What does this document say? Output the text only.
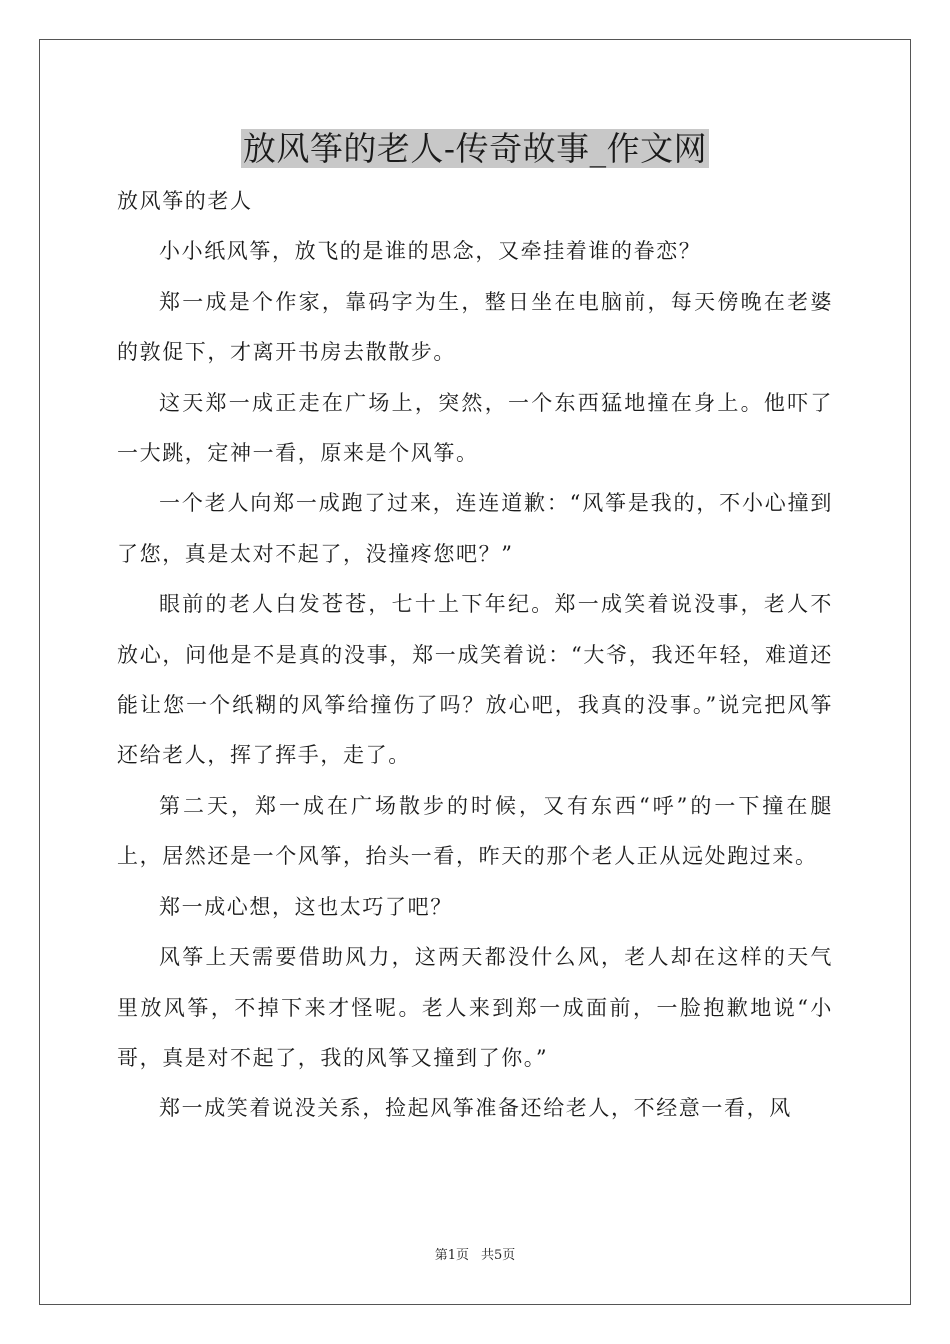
放风筝的老人-传奇故事_作文网

放风筝的老人

小小纸风筝，放飞的是谁的思念，又牵挂着谁的眷恋？

郑一成是个作家，靠码字为生，整日坐在电脑前，每天傍晚在老婆的敦促下，才离开书房去散散步。

这天郑一成正走在广场上，突然，一个东西猛地撞在身上。他吓了一大跳，定神一看，原来是个风筝。

一个老人向郑一成跑了过来，连连道歉：“风筝是我的，不小心撞到了您，真是太对不起了，没撞疼您吧？”

眼前的老人白发苍苍，七十上下年纪。郑一成笑着说没事，老人不放心，问他是不是真的没事，郑一成笑着说：“大爷，我还年轻，难道还能让您一个纸糊的风筝给撞伤了吗？放心吧，我真的没事。”说完把风筝还给老人，挥了挥手，走了。

第二天，郑一成在广场散步的时候，又有东西“呼”的一下撞在腿上，居然还是一个风筝，抬头一看，昨天的那个老人正从远处跑过来。

郑一成心想，这也太巧了吧？

风筝上天需要借助风力，这两天都没什么风，老人却在这样的天气里放风筝，不掉下来才怪呢。老人来到郑一成面前，一脸抱歉地说“小哥，真是对不起了，我的风筝又撞到了你。”

郑一成笑着说没关系，捡起风筝准备还给老人，不经意一看，风

第1页 共5页
